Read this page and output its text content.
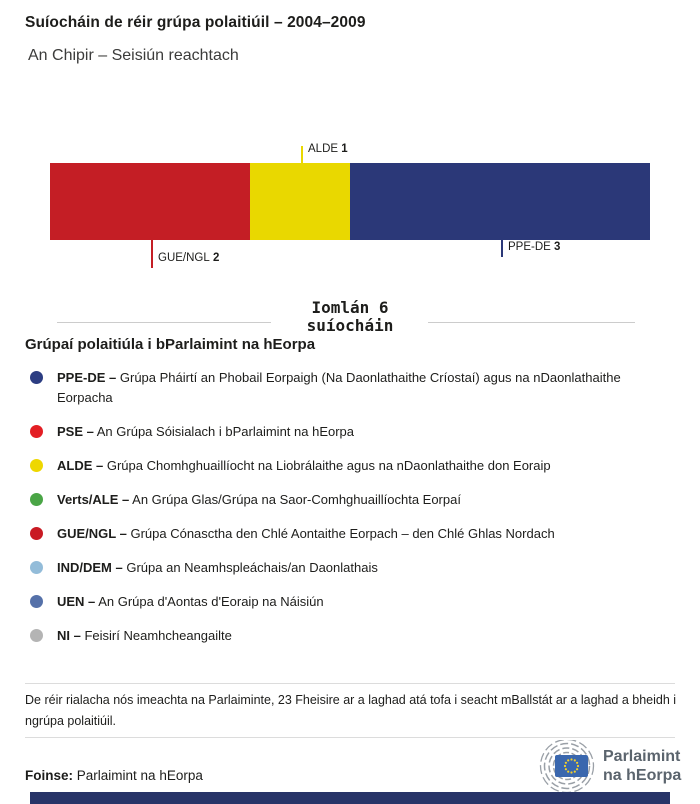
Suíocháin de réir grúpa polaitiúil – 2004–2009
An Chipir – Seisiún reachtach
ALDE 1
GUE/NGL 2
PPE-DE 3
Iomlán 6
suíocháin
Grúpaí polaitiúla i bParlaimint na hEorpa
PPE-DE – Grúpa Pháirtí an Phobail Eorpaigh (Na Daonlathaithe Críostaí) agus na nDaonlathaithe Eorpacha
PSE – An Grúpa Sóisialach i bParlaimint na hEorpa
ALDE – Grúpa Chomhghuaillíocht na Liobrálaithe agus na nDaonlathaithe don Eoraip
Verts/ALE – An Grúpa Glas/Grúpa na Saor-Comhghuaillíochta Eorpaí
GUE/NGL – Grúpa Cónasctha den Chlé Aontaithe Eorpach – den Chlé Ghlas Nordach
IND/DEM – Grúpa an Neamhspleáchais/an Daonlathais
UEN – An Grúpa d'Aontas d'Eoraip na Náisiún
NI – Feisirí Neamhcheangailte

De réir rialacha nós imeachta na Parlaiminte, 23 Fheisire ar a laghad atá tofa i seacht mBallstát ar a laghad a bheidh i ngrúpa polaitiúil.

Foinse: Parlaimint na hEorpa

Parlaimint
na hEorpa
